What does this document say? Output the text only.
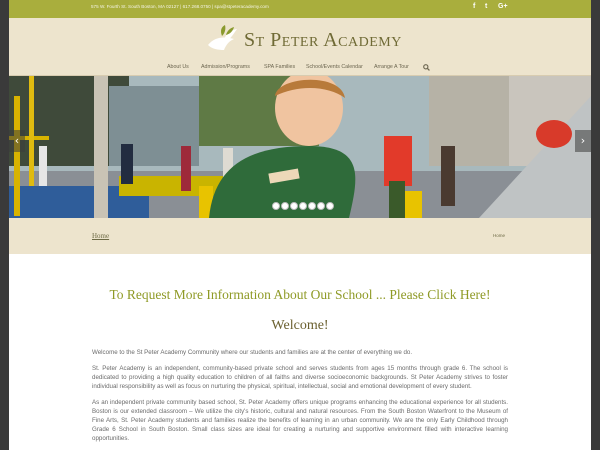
575 W. Fourth St. South Boston, MA 02127 | 617.268.0750 | spa@stpeteracademy.com	f t G+
St Peter Academy
About Us Admission/Programs	SPA Families School/Events Calendar Arrange A Tour
‹	›
Home	Home
To Request More Information About Our School ... Please Click Here!
Welcome!

Welcome to the St Peter Academy Community where our students and families are at the center of everything we do.

St. Peter Academy is an independent, community-based private school and serves students from ages 15 months through grade 6. The school is dedicated to providing a high quality education to children of all faiths and diverse socioeconomic backgrounds. St Peter Academy strives to foster individual responsibility as well as focus on nurturing the physical, spiritual, intellectual, social and emotional development of every student.

As an independent private community based school, St. Peter Academy offers unique programs enhancing the educational experience for all students. Boston is our extended classroom – We utilize the city's historic, cultural and natural resources. From the South Boston Waterfront to the Museum of Fine Arts, St. Peter Academy students and families realize the benefits of learning in an urban community. We are the only Early Childhood through Grade 6 School in South Boston. Small class sizes are ideal for creating a nurturing and supportive environment filled with interactive learning opportunities.
